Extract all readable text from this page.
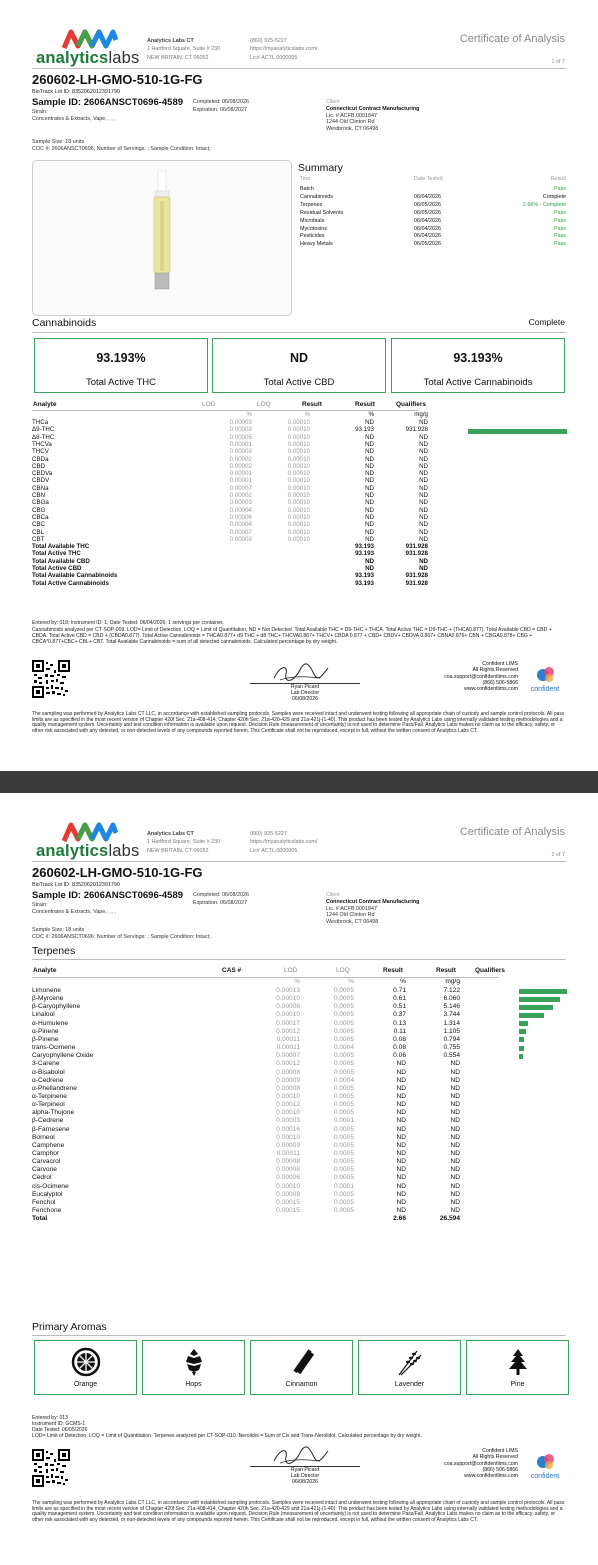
analyticslabs
Analytics Labs CT
1 Hartford Square, Suite # 230
NEW BRITAIN, CT 06052
(860) 925-5227
https://myanalyticslabs.com/
Lic# ACTL.0000005
Certificate of Analysis
1 of 7
260602-LH-GMO-510-1G-FG
BioTrack Lot ID: 8352062012391790
Sample ID: 2606ANSCT0696-4589
Strain:
Concentrates & Extracts, Vape, , , ,
Completed: 06/08/2026
Expiration: 06/08/2027
Client
Connecticut Contract Manufacturing
Lic. # ACFB.0001847
1244 Old Clinton Rd
Westbrook, CT 06498
Sample Size: 18 units
COC #: 2606ANSCT0696; Number of Servings: ; Sample Condition: Intact;
Summary
Test	Date Tested	Result
Batch	Pass
Cannabinoids	06/04/2026	Complete
Terpenes	06/05/2026	2.66% - Complete
Residual Solvents	06/05/2026	Pass
Microbials	06/04/2026	Pass
Mycotoxins	06/04/2026	Pass
Pesticides	06/04/2026	Pass
Heavy Metals	06/05/2026	Pass
Cannabinoids	Complete
93.193%
Total Active THC
ND
Total Active CBD
93.193%
Total Active Cannabinoids
Analyte	LOD	LOQ	Result	Result	Qualifiers
%	%	%	mg/g
THCa	0.00003	0.00010	ND	ND
Δ9-THC	0.00003	0.00010	93.193	931.928
Δ8-THC	0.00005	0.00010	ND	ND
THCVa	0.00001	0.00010	ND	ND
THCV	0.00003	0.00010	ND	ND
CBDa	0.00002	0.00010	ND	ND
CBD	0.00002	0.00010	ND	ND
CBDVa	0.00001	0.00010	ND	ND
CBDV	0.00001	0.00010	ND	ND
CBNa	0.00007	0.00010	ND	ND
CBN	0.00002	0.00010	ND	ND
CBGa	0.00003	0.00010	ND	ND
CBG	0.00004	0.00010	ND	ND
CBCa	0.00006	0.00010	ND	ND
CBC	0.00004	0.00010	ND	ND
CBL	0.00007	0.00010	ND	ND
CBT	0.00003	0.00010	ND	ND
Total Available THC	93.193	931.928
Total Active THC	93.193	931.928
Total Available CBD	ND	ND
Total Active CBD	ND	ND
Total Available Cannabinoids	93.193	931.928
Total Active Cannabinoids	93.193	931.928
Entered by: 019; Instrument ID: 1; Date Tested: 06/04/2026; 1 servings per container.
Cannabinoids analyzed per CT-SOP-009. LOD= Limit of Detection, LOQ = Limit of Quantitation, ND = Not Detected. Total Available THC = D9-THC + THCA. Total Active THC = D9-THC + (THCA0.877). Total Available CBD = CBD + CBDA. Total Active CBD = CBD + (CBDA0.877). Total Active Cannabinoids = THCA0.877+ d9 THC + d8 THC+ THCVA0.867+ THCV+ CBDA 0.877 + CBD+ CBDV+ CBDVA 0.867+ CBNA0.876+ CBN + CBGA0.878+ CBG + CBCA*0.877+CBC+ CBL+ CBT. Total Available Cannabinoids = sum of all detected cannabinoids. Calculated percentage by dry weight.
Ryan Picard
Lab Director
06/08/2026
Confident LIMS
All Rights Reserved
coa.support@confidentlims.com
(866) 506-5866
www.confidentlims.com	confident
The sampling was performed by Analytics Labs CT LLC, in accordance with established sampling protocols. Samples were received intact and underwent testing following all appropriate chain of custody and sample control protocols. All pass limits are as specified in the most recent version of Chapter 420f Sec. 21a-408-414, Chapter 420h Sec. 21a-420-429 and 21a-421j-(1-40). This product has been tested by Analytics Labs using internally validated testing methodologies and a quality management system. Uncertainty and test condition information is available upon request. Decision Rule (measurement of uncertainty) is not used to determine Pass/Fail. Analytics Labs makes no claim as to the efficacy, safety, or other risk associated with any detected, or non-detected levels of any compounds reported herein. This Certificate shall not be reproduced, except in full, without the written consent of Analytics Labs CT.
analyticslabs
Analytics Labs CT
1 Hartford Square, Suite # 230
NEW BRITAIN, CT 06052
(860) 925-5227
https://myanalyticslabs.com/
Lic# ACTL.0000005
Certificate of Analysis
2 of 7
260602-LH-GMO-510-1G-FG
BioTrack Lot ID: 8352062012391790
Sample ID: 2606ANSCT0696-4589
Strain:
Concentrates & Extracts, Vape, , , ,
Completed: 06/08/2026
Expiration: 06/08/2027
Client
Connecticut Contract Manufacturing
Lic. # ACFB.0001847
1244 Old Clinton Rd
Westbrook, CT 06498
Sample Size: 18 units
COC #: 2606ANSCT0696; Number of Servings: ; Sample Condition: Intact;
Terpenes
Analyte	CAS #	LOD	LOQ	Result	Result	Qualifiers
%	%	%	mg/g
Limonene	0.00013	0.0005	0.71	7.122
β-Myrcene	0.00010	0.0005	0.61	6.060
β-Caryophyllene	0.00006	0.0005	0.51	5.146
Linalool	0.00010	0.0005	0.37	3.744
α-Humulene	0.00017	0.0005	0.13	1.314
α-Pinene	0.00012	0.0005	0.11	1.105
β-Pinene	0.00011	0.0005	0.08	0.794
trans-Ocimene	0.00011	0.0004	0.08	0.755
Caryophyllene Oxide	0.00007	0.0005	0.06	0.554
3-Carene	0.00012	0.0005	ND	ND
α-Bisabolol	0.00008	0.0005	ND	ND
α-Cedrene	0.00009	0.0004	ND	ND
α-Phellandrene	0.00008	0.0005	ND	ND
α-Terpinene	0.00010	0.0005	ND	ND
α-Terpineol	0.00012	0.0005	ND	ND
alpha-Thujone	0.00010	0.0005	ND	ND
β-Cedrene	0.00003	0.0001	ND	ND
β-Farnesene	0.00016	0.0005	ND	ND
Borneol	0.00010	0.0005	ND	ND
Camphene	0.00009	0.0005	ND	ND
Camphor	0.00011	0.0005	ND	ND
Carvacrol	0.00008	0.0005	ND	ND
Carvone	0.00008	0.0005	ND	ND
Cedrol	0.00006	0.0005	ND	ND
cis-Ocimene	0.00010	0.0001	ND	ND
Eucalyptol	0.00008	0.0005	ND	ND
Fenchol	0.00015	0.0005	ND	ND
Fenchone	0.00015	0.0005	ND	ND
Total	2.66	26.594
Primary Aromas
Orange	Hops	Cinnamon	Lavender	Pine
Entered by: 013
Instrument ID: GCMS-1
Date Tested: 06/05/2026
LOD= Limit of Detection, LOQ = Limit of Quantitation. Terpenes analyzed per CT-SOP-010. Nerolidol = Sum of Cis and Trans-Nerolidol. Calculated percentage by dry weight.
Ryan Picard
Lab Director
06/08/2026
Confident LIMS
All Rights Reserved
coa.support@confidentlims.com
(866) 506-5866
www.confidentlims.com	confident
The sampling was performed by Analytics Labs CT LLC, in accordance with established sampling protocols. Samples were received intact and underwent testing following all appropriate chain of custody and sample control protocols. All pass limits are as specified in the most recent version of Chapter 420f Sec. 21a-408-414, Chapter 420h Sec. 21a-420-429 and 21a-421j-(1-40). This product has been tested by Analytics Labs using internally validated testing methodologies and a quality management system. Uncertainty and test condition information is available upon request. Decision Rule (measurement of uncertainty) is not used to determine Pass/Fail. Analytics Labs makes no claim as to the efficacy, safety, or other risk associated with any detected, or non-detected levels of any compounds reported herein. This Certificate shall not be reproduced, except in full, without the written consent of Analytics Labs CT.
